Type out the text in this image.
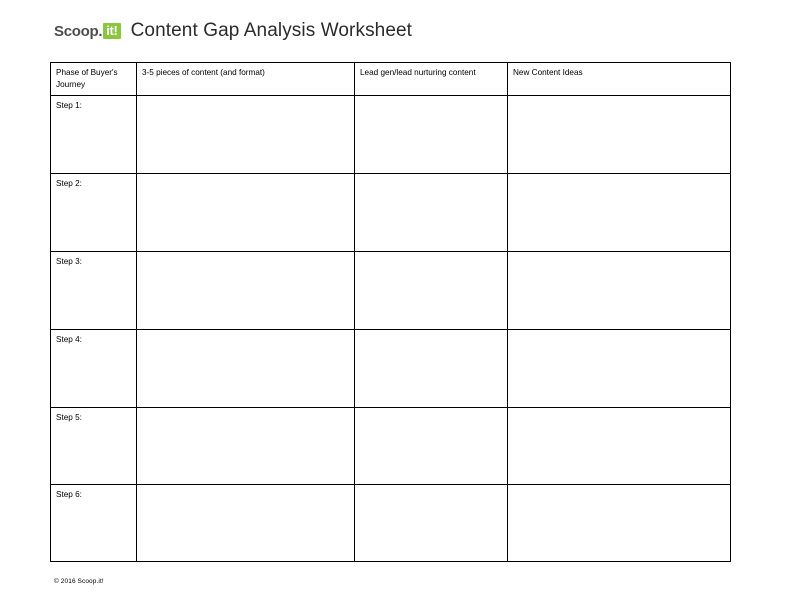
Scoop . it! Content Gap Analysis Worksheet
Phase of Buyer's Journey	3-5 pieces of content (and format)	Lead gen/lead nurturing content	New Content Ideas

Step 1:			

Step 2:			

Step 3:			

Step 4:			

Step 5:			

Step 6:			

© 2016 Scoop.it!
